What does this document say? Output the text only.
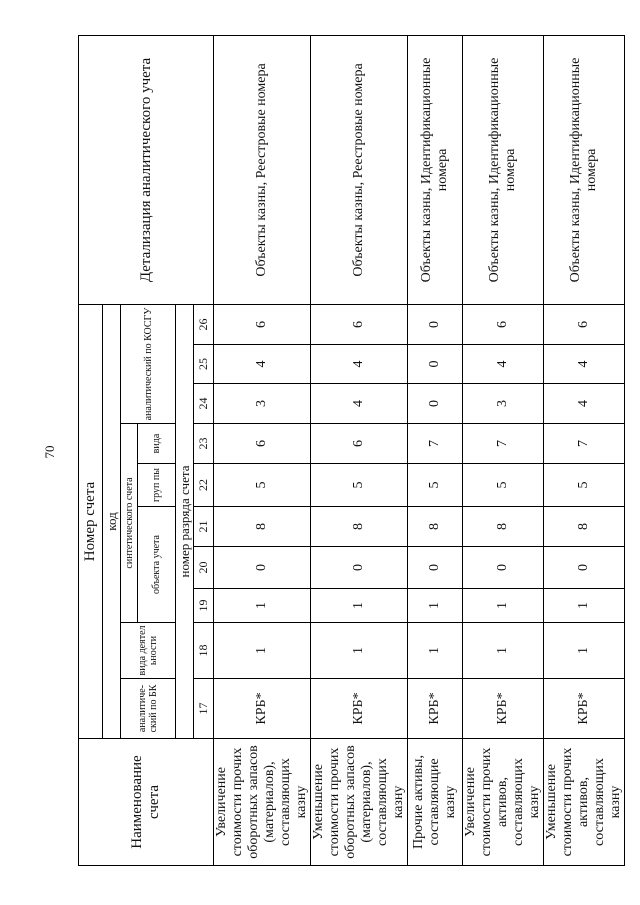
70
Наименование счета	Номер счета										Детализация аналитического учета
	код										
	аналитический по БК	вида деятел ьности	синтетического счета					аналитический по КОСГУ			
			объекта учета			груп пы	вида				
	номер разряда счета										
	17	18	19	20	21	22	23	24	25	26	
Увеличение стоимости прочих оборотных запасов (материалов), составляющих казну	КРБ*	1	1	0	8	5	6	3	4	6	Объекты казны, Реестровые номера
Уменьшение стоимости прочих оборотных запасов (материалов), составляющих казну	КРБ*	1	1	0	8	5	6	4	4	6	Объекты казны, Реестровые номера
Прочие активы, составляющие казну	КРБ*	1	1	0	8	5	7	0	0	0	Объекты казны, Идентификационные номера
Увеличение стоимости прочих активов, составляющих казну	КРБ*	1	1	0	8	5	7	3	4	6	Объекты казны, Идентификационные номера
Уменьшение стоимости прочих активов, составляющих казну	КРБ*	1	1	0	8	5	7	4	4	6	Объекты казны, Идентификационные номера
